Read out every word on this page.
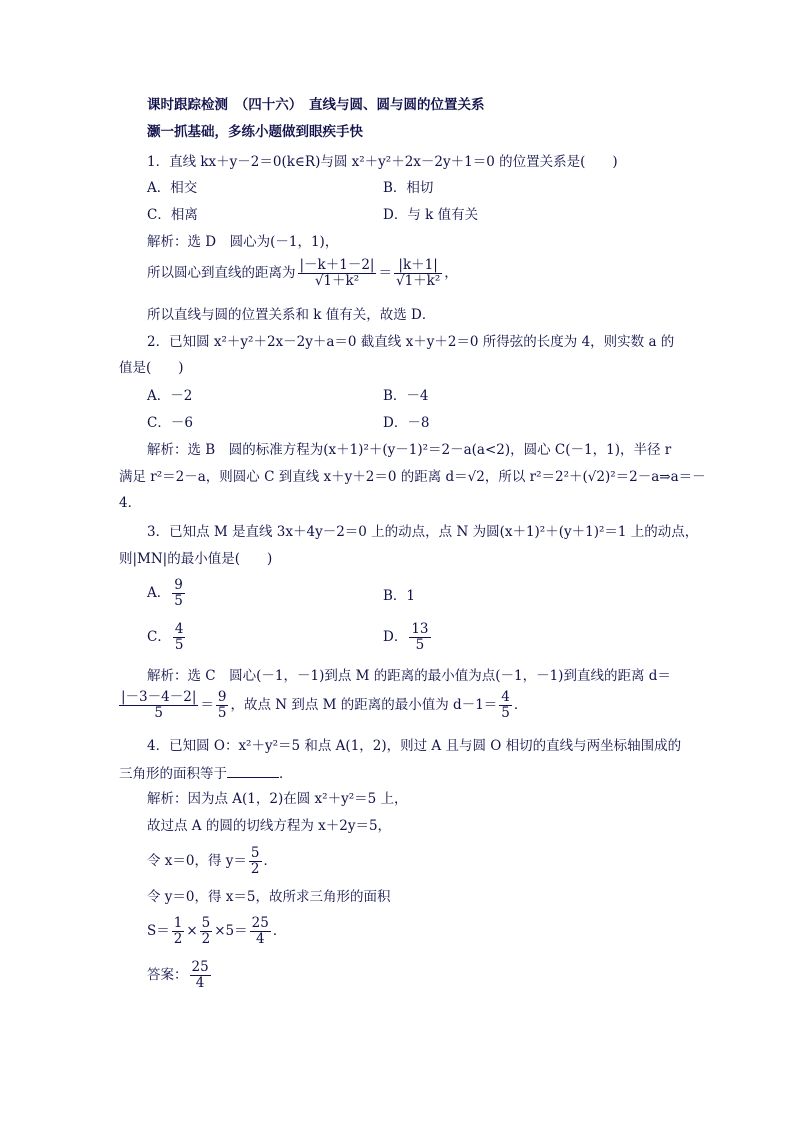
课时跟踪检测　（四十六）　直线与圆、圆与圆的位置关系
灏一抓基础，多练小题做到眼疾手快
1．直线 kx＋y－2＝0(k∈R)与圆 x²＋y²＋2x－2y＋1＝0 的位置关系是(　　)
A．相交	B．相切
C．相离	D．与 k 值有关
解析：选 D　圆心为(－1，1)，
所以圆心到直线的距离为 $\frac{|-k+1-2|}{\text{√1＋k²}} = \frac{|k+1|}{\text{√1＋k²}}$ ，
所以直线与圆的位置关系和 k 值有关，故选 D．
2．已知圆 x²＋y²＋2x－2y＋a＝0 截直线 x＋y＋2＝0 所得弦的长度为 4，则实数 a 的
值是(　　)
A．－2	B．－4
C．－6	D．－8
解析：选 B　圆的标准方程为(x＋1)²＋(y－1)²＝2－a(a<2)，圆心 C(－1，1)，半径 r
满足 r²＝2－a，则圆心 C 到直线 x＋y＋2＝0 的距离 d＝√2，所以 r²＝2²＋(√2)²＝2－a⇒a＝－
4．
3．已知点 M 是直线 3x＋4y－2＝0 上的动点，点 N 为圆(x＋1)²＋(y＋1)²＝1 上的动点，
则|MN|的最小值是(　　)
A． $\frac{9}{5}$	B．1
C． $\frac{4}{5}$	D． $\frac{13}{5}$
解析：选 C　圆心(－1，－1)到点 M 的距离的最小值为点(－1，－1)到直线的距离 d＝
$\frac{|-3-4-2|}{5} = \frac{9}{5}$ ，故点 N 到点 M 的距离的最小值为 $d-1= \frac{4}{5}$ ．
4．已知圆 O：x²＋y²＝5 和点 A(1，2)，则过 A 且与圆 O 相切的直线与两坐标轴围成的
三角形的面积等于	．
解析：因为点 A(1，2)在圆 x²＋y²＝5 上，
故过点 A 的圆的切线方程为 x＋2y＝5，
令 x＝0，得 $y= \frac{5}{2}$ ．
令 y＝0，得 x＝5，故所求三角形的面积
$S= \frac{1}{2} \times \frac{5}{2} \times 5= \frac{25}{4}$ ．
答案： $\frac{25}{4}$
